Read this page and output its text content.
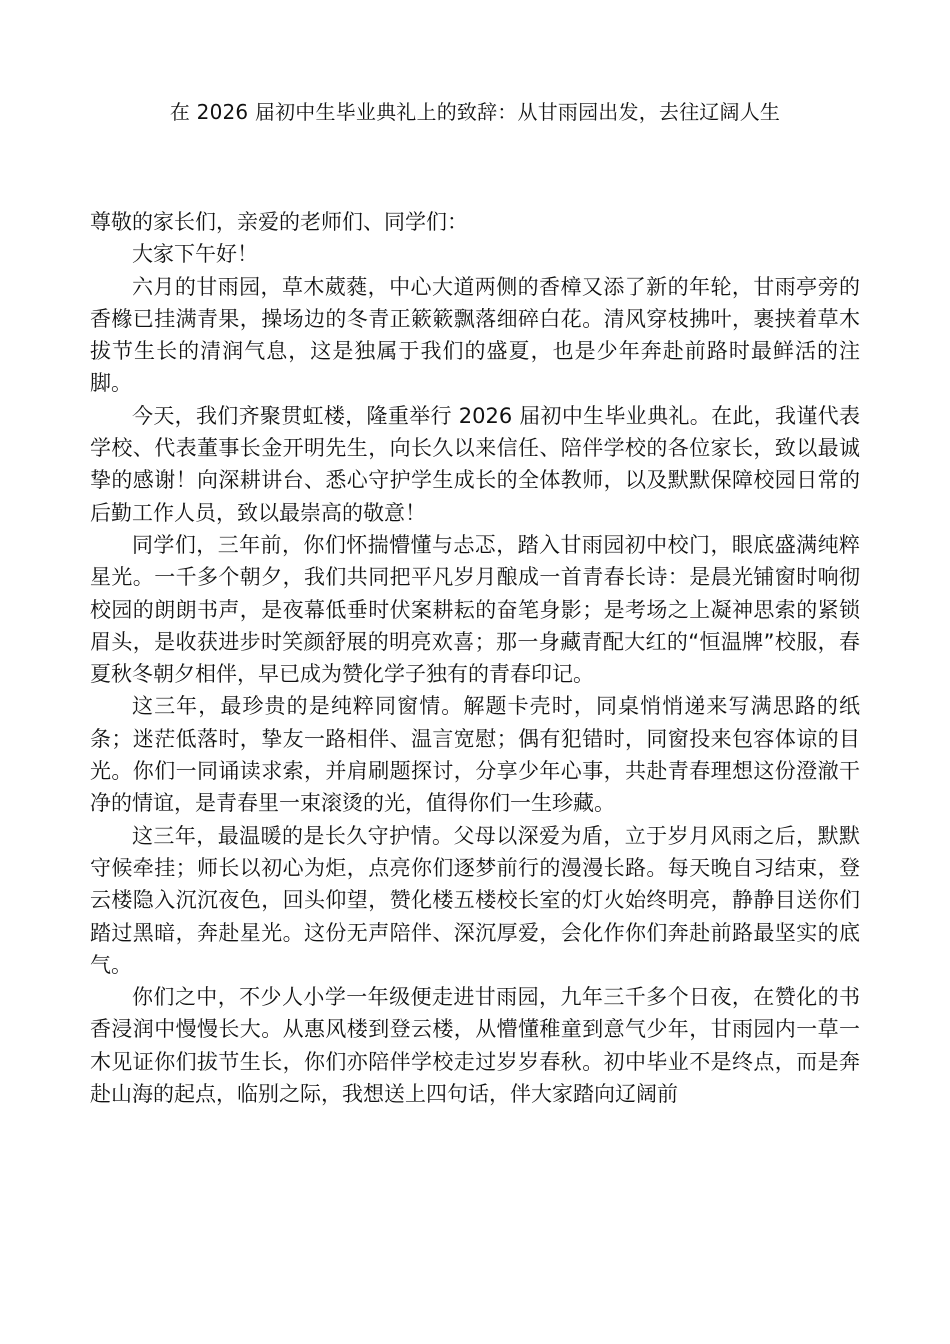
在 2026 届初中生毕业典礼上的致辞：从甘雨园出发，去往辽阔人生

尊敬的家长们，亲爱的老师们、同学们：

大家下午好！

六月的甘雨园，草木葳蕤，中心大道两侧的香樟又添了新的年轮，甘雨亭旁的香橼已挂满青果，操场边的冬青正簌簌飘落细碎白花。清风穿枝拂叶，裹挟着草木拔节生长的清润气息，这是独属于我们的盛夏，也是少年奔赴前路时最鲜活的注脚。

今天，我们齐聚贯虹楼，隆重举行 2026 届初中生毕业典礼。在此，我谨代表学校、代表董事长金开明先生，向长久以来信任、陪伴学校的各位家长，致以最诚挚的感谢！向深耕讲台、悉心守护学生成长的全体教师，以及默默保障校园日常的后勤工作人员，致以最崇高的敬意！

同学们，三年前，你们怀揣懵懂与忐忑，踏入甘雨园初中校门，眼底盛满纯粹星光。一千多个朝夕，我们共同把平凡岁月酿成一首青春长诗：是晨光铺窗时响彻校园的朗朗书声，是夜幕低垂时伏案耕耘的奋笔身影；是考场之上凝神思索的紧锁眉头，是收获进步时笑颜舒展的明亮欢喜；那一身藏青配大红的“恒温牌”校服，春夏秋冬朝夕相伴，早已成为赞化学子独有的青春印记。

这三年，最珍贵的是纯粹同窗情。解题卡壳时，同桌悄悄递来写满思路的纸条；迷茫低落时，挚友一路相伴、温言宽慰；偶有犯错时，同窗投来包容体谅的目光。你们一同诵读求索，并肩刷题探讨，分享少年心事，共赴青春理想这份澄澈干净的情谊，是青春里一束滚烫的光，值得你们一生珍藏。

这三年，最温暖的是长久守护情。父母以深爱为盾，立于岁月风雨之后，默默守候牵挂；师长以初心为炬，点亮你们逐梦前行的漫漫长路。每天晚自习结束，登云楼隐入沉沉夜色，回头仰望，赞化楼五楼校长室的灯火始终明亮，静静目送你们踏过黑暗，奔赴星光。这份无声陪伴、深沉厚爱，会化作你们奔赴前路最坚实的底气。

你们之中，不少人小学一年级便走进甘雨园，九年三千多个日夜，在赞化的书香浸润中慢慢长大。从惠风楼到登云楼，从懵懂稚童到意气少年，甘雨园内一草一木见证你们拔节生长，你们亦陪伴学校走过岁岁春秋。初中毕业不是终点，而是奔赴山海的起点，临别之际，我想送上四句话，伴大家踏向辽阔前
